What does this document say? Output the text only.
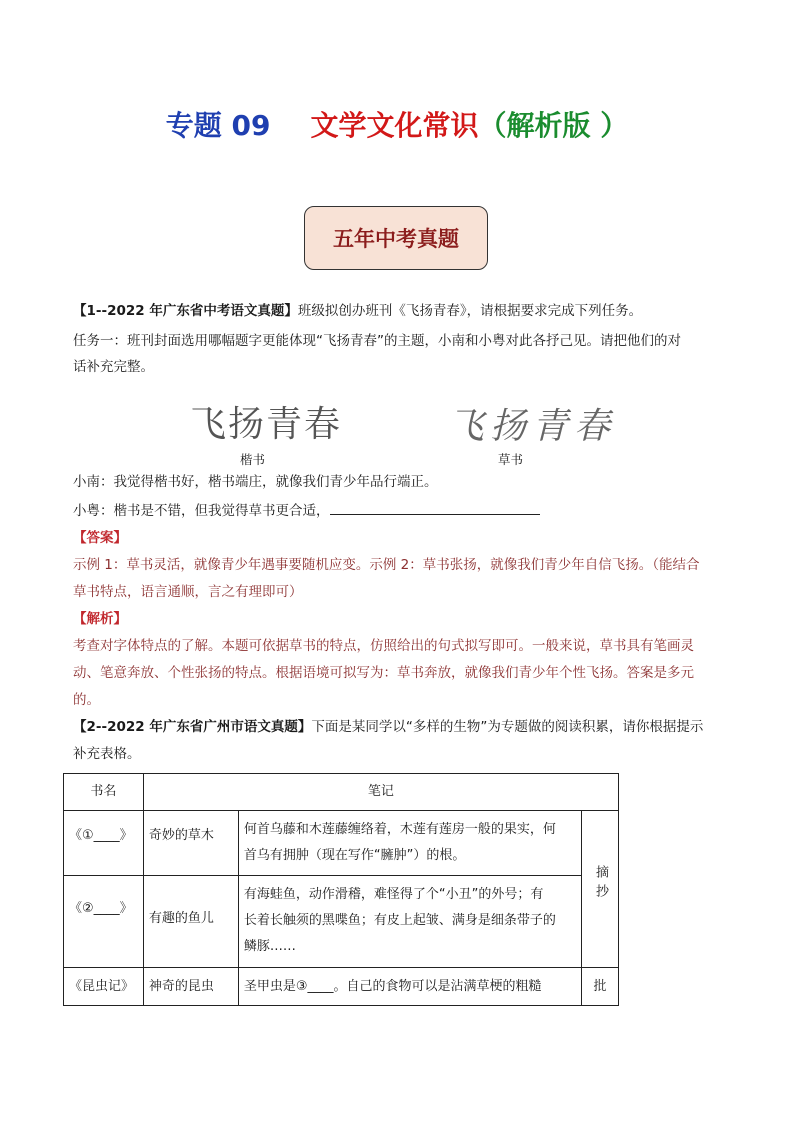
专题 09 文学文化常识（解析版 ）
五年中考真题
【1--2022 年广东省中考语文真题】班级拟创办班刊《飞扬青春》，请根据要求完成下列任务。
任务一：班刊封面选用哪幅题字更能体现“飞扬青春”的主题，小南和小粤对此各抒己见。请把他们的对
话补充完整。
飞扬青春	飞扬青春
楷书	草书
小南：我觉得楷书好，楷书端庄，就像我们青少年品行端正。
小粤：楷书是不错，但我觉得草书更合适，
【答案】
示例 1：草书灵活，就像青少年遇事要随机应变。示例 2：草书张扬，就像我们青少年自信飞扬。（能结合
草书特点，语言通顺，言之有理即可）
【解析】
考查对字体特点的了解。本题可依据草书的特点，仿照给出的句式拟写即可。一般来说，草书具有笔画灵
动、笔意奔放、个性张扬的特点。根据语境可拟写为：草书奔放，就像我们青少年个性飞扬。答案是多元
的。
【2--2022 年广东省广州市语文真题】下面是某同学以“多样的生物”为专题做的阅读积累，请你根据提示
补充表格。
书名	笔记		
《①____》	奇妙的草木	何首乌藤和木莲藤缠络着，木莲有莲房一般的果实，何
首乌有拥肿（现在写作“臃肿”）的根。	摘抄
《②____》	有趣的鱼儿	有海蛙鱼，动作滑稽，难怪得了个“小丑”的外号；有
长着长触须的黑喋鱼；有皮上起皱、满身是细条带子的
鳞豚……	

《昆虫记》	神奇的昆虫	圣甲虫是③____。自己的食物可以是沾满草梗的粗糙	批
